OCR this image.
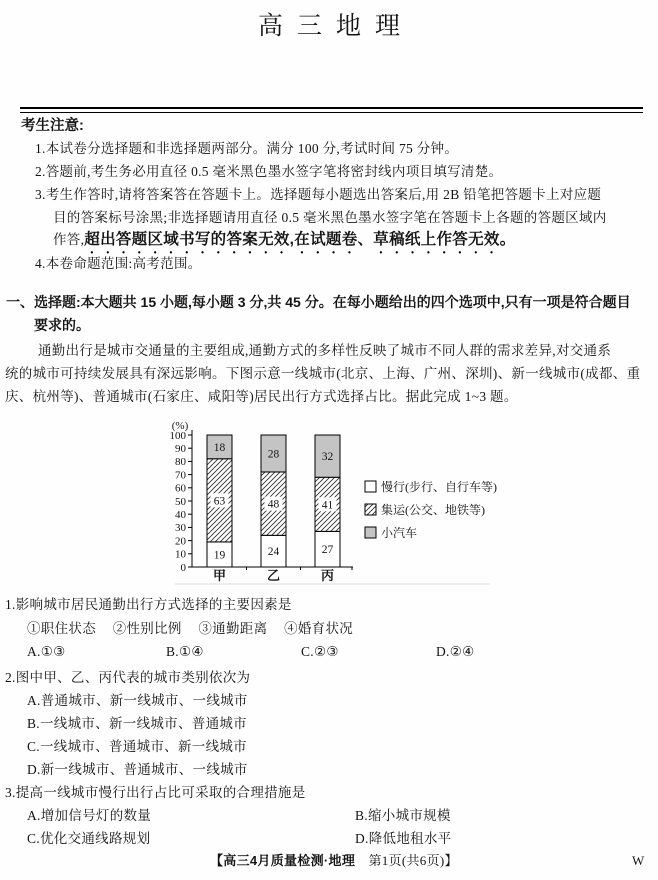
高三地理
考生注意:
1.本试卷分选择题和非选择题两部分。满分 100 分,考试时间 75 分钟。
2.答题前,考生务必用直径 0.5 毫米黑色墨水签字笔将密封线内项目填写清楚。
3.考生作答时,请将答案答在答题卡上。选择题每小题选出答案后,用 2B 铅笔把答题卡上对应题
目的答案标号涂黑;非选择题请用直径 0.5 毫米黑色墨水签字笔在答题卡上各题的答题区域内
作答,超出答题区域书写的答案无效,在试题卷、草稿纸上作答无效。
4.本卷命题范围:高考范围。
一、选择题:本大题共 15 小题,每小题 3 分,共 45 分。在每小题给出的四个选项中,只有一项是符合题目
要求的。
通勤出行是城市交通量的主要组成,通勤方式的多样性反映了城市不同人群的需求差异,对交通系
统的城市可持续发展具有深远影响。下图示意一线城市(北京、上海、广州、深圳)、新一线城市(成都、重
庆、杭州等)、普通城市(石家庄、咸阳等)居民出行方式选择占比。据此完成 1~3 题。
(%)
0
10
20
30
40
50
60
70
80
90
100
19
63
18
甲
24
48
28
乙
27
41
32
丙
慢行(步行、自行车等)
集运(公交、地铁等)
小汽车
1.影响城市居民通勤出行方式选择的主要因素是
①职住状态 ②性别比例 ③通勤距离 ④婚育状况
A.①③	B.①④	C.②③	D.②④
2.图中甲、乙、丙代表的城市类别依次为
A.普通城市、新一线城市、一线城市
B.一线城市、新一线城市、普通城市
C.一线城市、普通城市、新一线城市
D.新一线城市、普通城市、一线城市
3.提高一线城市慢行出行占比可采取的合理措施是
A.增加信号灯的数量	B.缩小城市规模
C.优化交通线路规划	D.降低地租水平
【高三4月质量检测·地理　第1页(共6页)】	W
